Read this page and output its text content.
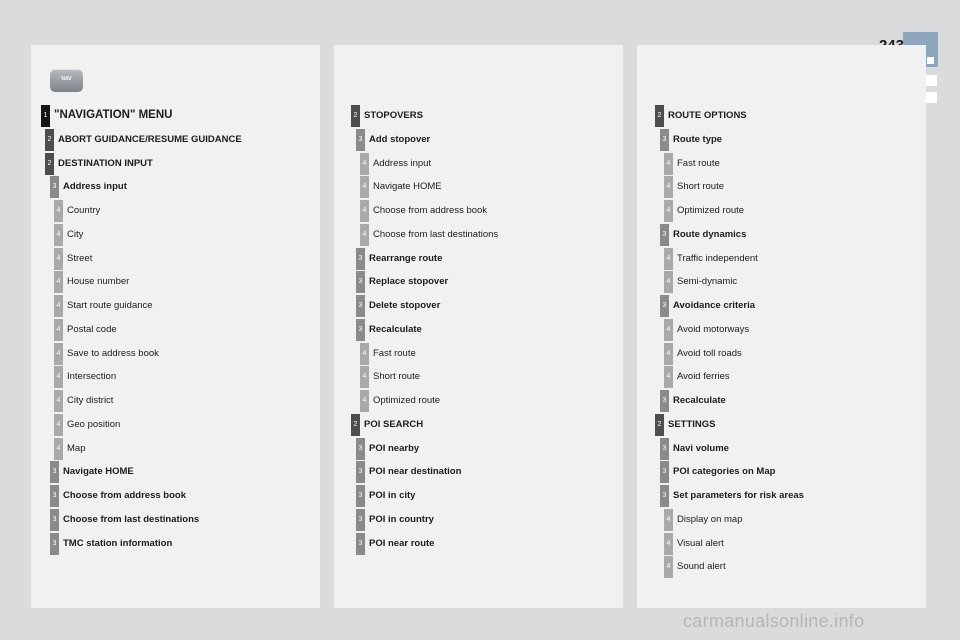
NAV
1 "NAVIGATION" MENU
2 ABORT GUIDANCE/RESUME GUIDANCE
2 DESTINATION INPUT
3 Address input
4 Country
4 City
4 Street
4 House number
4 Start route guidance
4 Postal code
4 Save to address book
4 Intersection
4 City district
4 Geo position
4 Map
3 Navigate HOME
3 Choose from address book
3 Choose from last destinations
3 TMC station information
2 STOPOVERS
3 Add stopover
4 Address input
4 Navigate HOME
4 Choose from address book
4 Choose from last destinations
3 Rearrange route
3 Replace stopover
3 Delete stopover
3 Recalculate
4 Fast route
4 Short route
4 Optimized route
2 POI SEARCH
3 POI nearby
3 POI near destination
3 POI in city
3 POI in country
3 POI near route
2 ROUTE OPTIONS
3 Route type
4 Fast route
4 Short route
4 Optimized route
3 Route dynamics
4 Traffic independent
4 Semi-dynamic
3 Avoidance criteria
4 Avoid motorways
4 Avoid toll roads
4 Avoid ferries
3 Recalculate
2 SETTINGS
3 Navi volume
3 POI categories on Map
3 Set parameters for risk areas
4 Display on map
4 Visual alert
4 Sound alert
carmanualsonline.info
